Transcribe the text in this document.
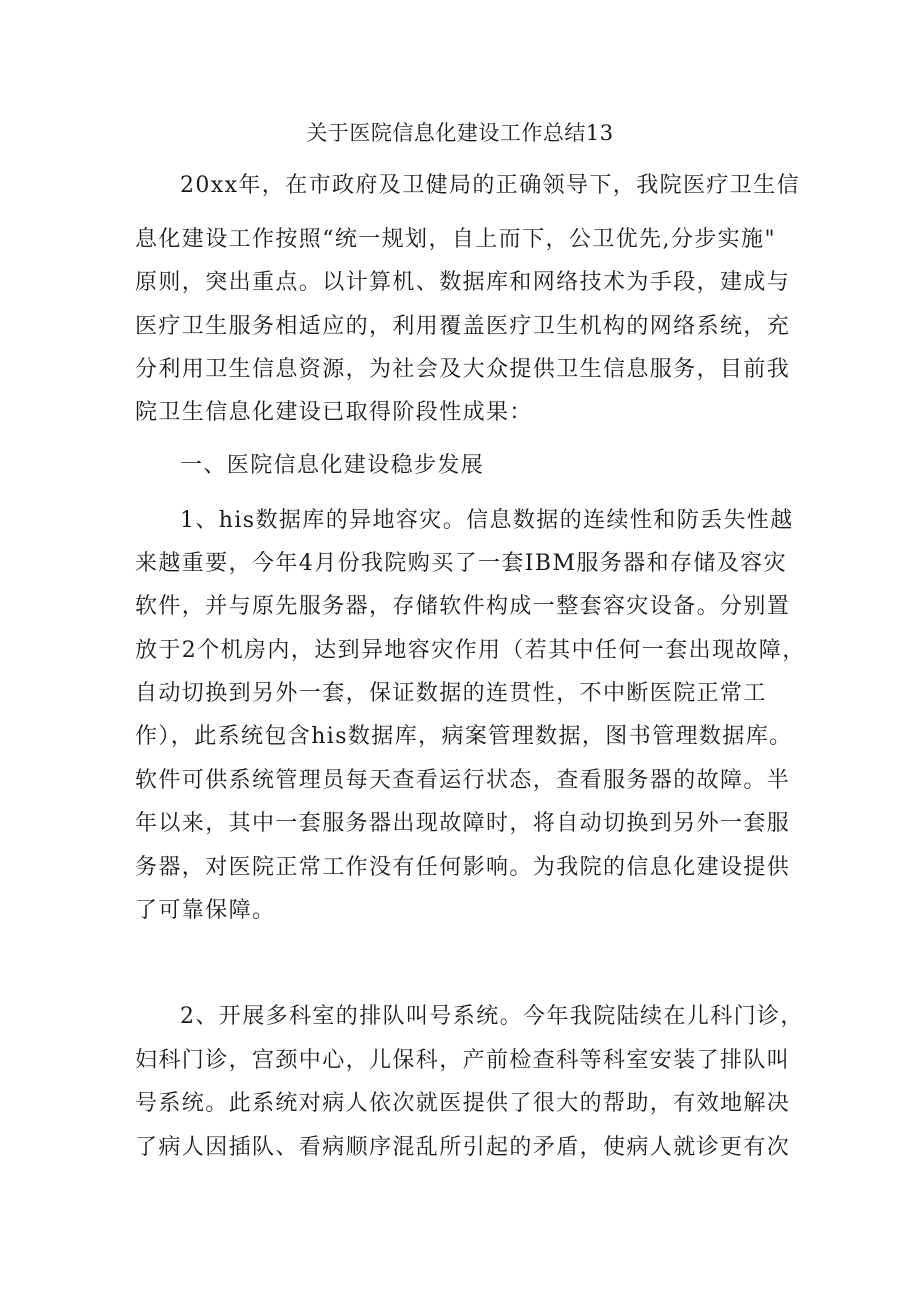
关于医院信息化建设工作总结13
20xx年，在市政府及卫健局的正确领导下，我院医疗卫生信
息化建设工作按照“统一规划，自上而下，公卫优先,分步实施"
原则，突出重点。以计算机、数据库和网络技术为手段，建成与
医疗卫生服务相适应的，利用覆盖医疗卫生机构的网络系统，充
分利用卫生信息资源，为社会及大众提供卫生信息服务，目前我
院卫生信息化建设已取得阶段性成果：
一、医院信息化建设稳步发展
1、his数据库的异地容灾。信息数据的连续性和防丢失性越
来越重要，今年4月份我院购买了一套IBM服务器和存储及容灾
软件，并与原先服务器，存储软件构成一整套容灾设备。分别置
放于2个机房内，达到异地容灾作用（若其中任何一套出现故障，
自动切换到另外一套，保证数据的连贯性，不中断医院正常工
作），此系统包含his数据库，病案管理数据，图书管理数据库。
软件可供系统管理员每天查看运行状态，查看服务器的故障。半
年以来，其中一套服务器出现故障时，将自动切换到另外一套服
务器，对医院正常工作没有任何影响。为我院的信息化建设提供
了可靠保障。
2、开展多科室的排队叫号系统。今年我院陆续在儿科门诊，
妇科门诊，宫颈中心，儿保科，产前检查科等科室安装了排队叫
号系统。此系统对病人依次就医提供了很大的帮助，有效地解决
了病人因插队、看病顺序混乱所引起的矛盾，使病人就诊更有次
